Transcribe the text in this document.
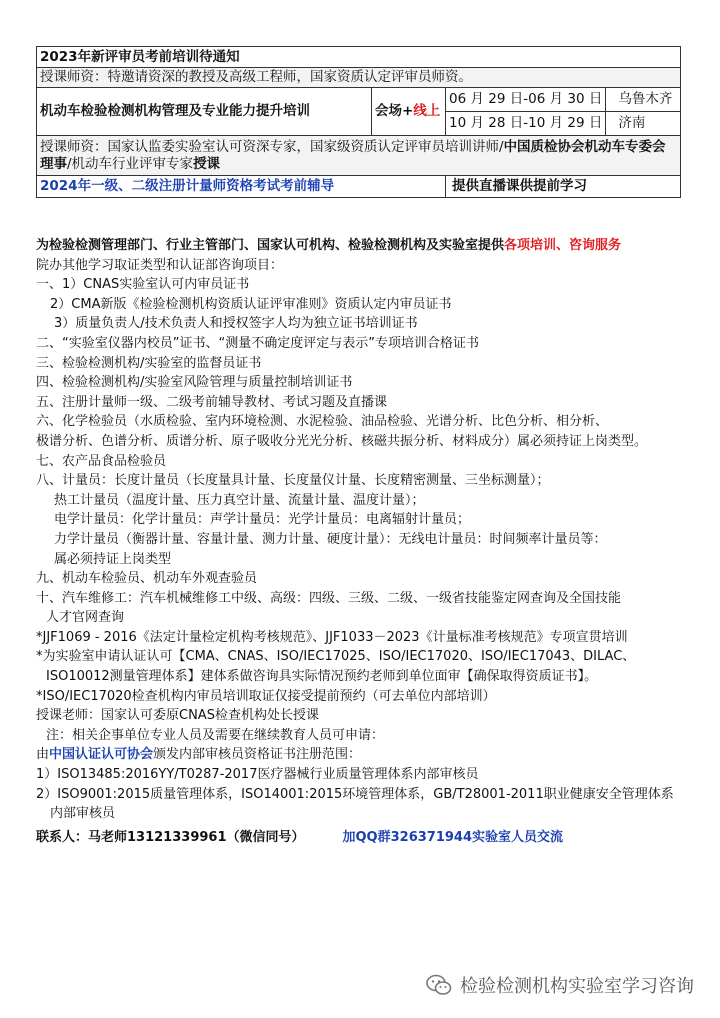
2023年新评审员考前培训待通知			
授课师资：特邀请资深的教授及高级工程师，国家资质认定评审员师资。			
机动车检验检测机构管理及专业能力提升培训	会场+线上	06 月 29 日-06 月 30 日	乌鲁木齐
		10 月 28 日-10 月 29 日	济南
授课师资：国家认监委实验室认可资深专家，国家级资质认定评审员培训讲师/中国质检协会机动车专委会理事/机动车行业评审专家授课			
2024年一级、二级注册计量师资格考试考前辅导		提供直播课供提前学习	
为检验检测管理部门、行业主管部门、国家认可机构、检验检测机构及实验室提供各项培训、咨询服务
院办其他学习取证类型和认证部咨询项目：
一、1）CNAS实验室认可内审员证书
2）CMA新版《检验检测机构资质认证评审准则》资质认定内审员证书
3）质量负责人/技术负责人和授权签字人均为独立证书培训证书
二、“实验室仪器内校员”证书、“测量不确定度评定与表示”专项培训合格证书
三、检验检测机构/实验室的监督员证书
四、检验检测机构/实验室风险管理与质量控制培训证书
五、注册计量师一级、二级考前辅导教材、考试习题及直播课
六、化学检验员（水质检验、室内环境检测、水泥检验、油品检验、光谱分析、比色分析、相分析、
极谱分析、色谱分析、质谱分析、原子吸收分光光分析、核磁共振分析、材料成分）属必须持证上岗类型。
七、农产品食品检验员
八、计量员：长度计量员（长度量具计量、长度量仪计量、长度精密测量、三坐标测量）；
热工计量员（温度计量、压力真空计量、流量计量、温度计量）；
电学计量员：化学计量员：声学计量员：光学计量员：电离辐射计量员；
力学计量员（衡器计量、容量计量、测力计量、硬度计量）：无线电计量员：时间频率计量员等：
属必须持证上岗类型
九、机动车检验员、机动车外观查验员
十、汽车维修工：汽车机械维修工中级、高级：四级、三级、二级、一级省技能鉴定网查询及全国技能
人才官网查询
*JJF1069 - 2016《法定计量检定机构考核规范》、JJF1033－2023《计量标准考核规范》专项宣贯培训
*为实验室申请认证认可【CMA、CNAS、ISO/IEC17025、ISO/IEC17020、ISO/IEC17043、DILAC、
ISO10012测量管理体系】建体系做咨询具实际情况预约老师到单位面审【确保取得资质证书】。
*ISO/IEC17020检查机构内审员培训取证仅接受提前预约（可去单位内部培训）
授课老师：国家认可委原CNAS检查机构处长授课
注：相关企事单位专业人员及需要在继续教育人员可申请：
由中国认证认可协会颁发内部审核员资格证书注册范围：
1）ISO13485:2016YY/T0287-2017医疗器械行业质量管理体系内部审核员
2）ISO9001:2015质量管理体系，ISO14001:2015环境管理体系，GB/T28001-2011职业健康安全管理体系
内部审核员
联系人：马老师13121339961（微信同号）	加QQ群326371944实验室人员交流
检验检测机构实验室学习咨询
